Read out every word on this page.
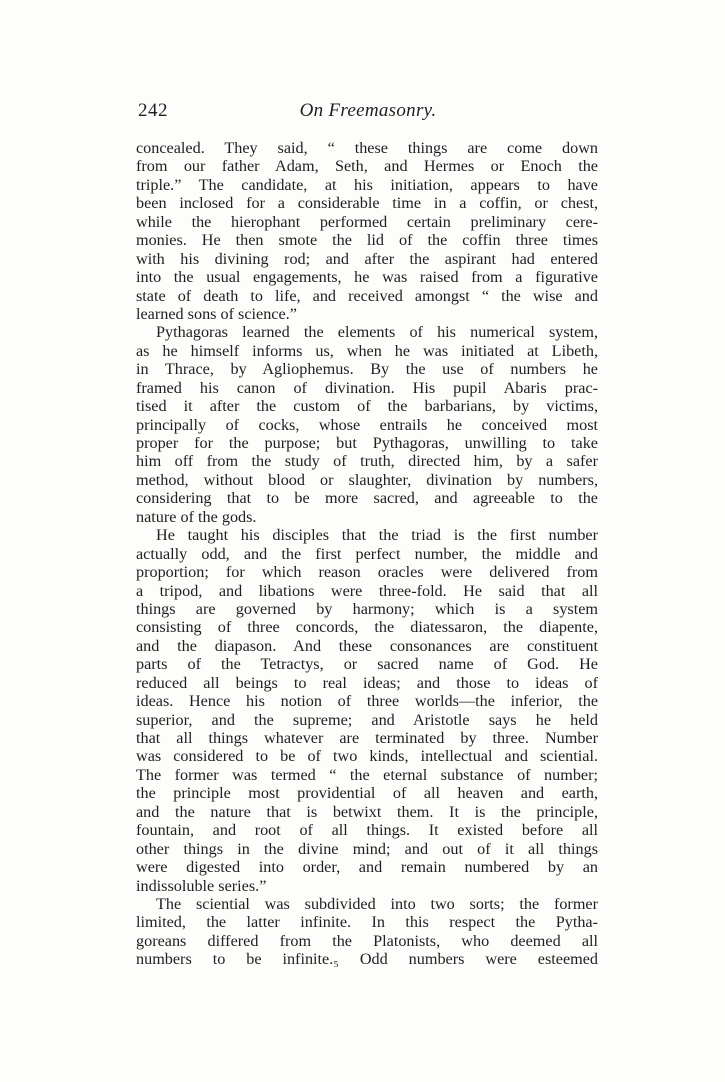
242	On Freemasonry.
concealed. They said, “ these things are come down
from our father Adam, Seth, and Hermes or Enoch the
triple.” The candidate, at his initiation, appears to have
been inclosed for a considerable time in a coffin, or chest,
while the hierophant performed certain preliminary cere-
monies. He then smote the lid of the coffin three times
with his divining rod; and after the aspirant had entered
into the usual engagements, he was raised from a figurative
state of death to life, and received amongst “ the wise and
learned sons of science.”
Pythagoras learned the elements of his numerical system,
as he himself informs us, when he was initiated at Libeth,
in Thrace, by Agliophemus. By the use of numbers he
framed his canon of divination. His pupil Abaris prac-
tised it after the custom of the barbarians, by victims,
principally of cocks, whose entrails he conceived most
proper for the purpose; but Pythagoras, unwilling to take
him off from the study of truth, directed him, by a safer
method, without blood or slaughter, divination by numbers,
considering that to be more sacred, and agreeable to the
nature of the gods.
He taught his disciples that the triad is the first number
actually odd, and the first perfect number, the middle and
proportion; for which reason oracles were delivered from
a tripod, and libations were three-fold. He said that all
things are governed by harmony; which is a system
consisting of three concords, the diatessaron, the diapente,
and the diapason. And these consonances are constituent
parts of the Tetractys, or sacred name of God. He
reduced all beings to real ideas; and those to ideas of
ideas. Hence his notion of three worlds—the inferior, the
superior, and the supreme; and Aristotle says he held
that all things whatever are terminated by three. Number
was considered to be of two kinds, intellectual and sciential.
The former was termed “ the eternal substance of number;
the principle most providential of all heaven and earth,
and the nature that is betwixt them. It is the principle,
fountain, and root of all things. It existed before all
other things in the divine mind; and out of it all things
were digested into order, and remain numbered by an
indissoluble series.”
The sciential was subdivided into two sorts; the former
limited, the latter infinite. In this respect the Pytha-
goreans differed from the Platonists, who deemed all
numbers to be infinite.₅ Odd numbers were esteemed
